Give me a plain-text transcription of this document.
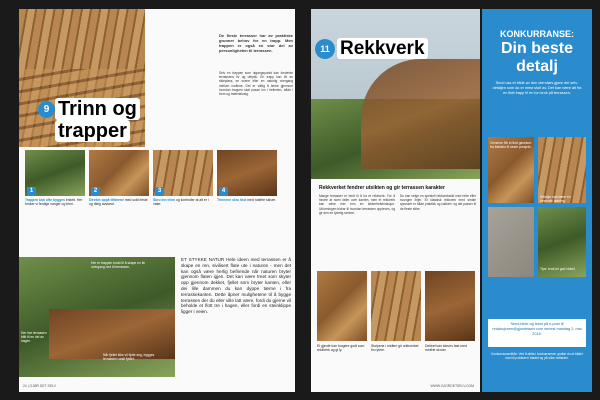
9 Trinn og
trapper
De fleste terrasser har av praktiske grunner behov for en trapp. Men trappen er også en stor del av personligheten til terrassen.
Selv en trappen som utgangspunkt kan forsterke terrassens liv og uttrykk. En trapp kan bli en sitteplass, en scene eller en naturlig overgang mellom nivåene. Det er viktig å tenke gjennom hvordan trappen skal passe inn i helheten, både i form og materialvalg.
1	2	3	4
Trappen kan ofte bygges enkelt. Her bruker vi ferdige vanger og trinn.
Direkte oppå tilførene med solid feste og riktig avstand.
Skru inn trinn og kontroller at alt er i vater.
Trinnene skru fast med rustfrie skruer.
Her er trappen brukt til å skape en fin overgang ned til terrassen.
Her har terrassen blitt til en del av hagen.
Når fjellet ikke vil flytte seg, bygges terrassen rundt fjellet.
ET STYKKE NATUR Hele ideen med terrassen er å skape en ren, sivilisert flate ute i naturen - men det kan også være herlig befriende når naturen bryter gjennom flaten igjen. Det kan være treet som skyter opp gjennom dekket, fjellet som bryter kanten, eller dei lille dammen du kan dyppe tærne i fra terrassekanten. Dette åpner mulighetene til å bygge terrassen der du eller ville latt være, fordi du gjerne vil beholde et flott tre i hagen, eller fordi en steinklippe ligger i veien.
24 | GJØR DET SELV
11 Rekkverk
Rekkverket fendrer utsikten og gir terrassen karakter
Mange terrasser er bedt til å ha et rekkverk. For å hindre at noen faller over kanten, men et rekkverk kan være mer enn en sikkerhetsfunksjon. Utformingen bidrar til hvordan terrassen oppleves, og gir den en tydelig ramme.
Du kan velge en spesiell rekkverksstil med rette eller svungne linjer. Et klassisk rekkverk med smale sprosser er både praktisk og vakkert, og det passer til de fleste stiler.
Et gjerde kan fungere godt som rekkverk og gi ly.
Stolpene i midten gir rekkverket fin rytme.
Dekket kan skrues fast med rustfrie skruer.
WWW.GJORDETSELV.COM
KONKURRANSE:
Din beste
detalj
Send oss et bilde av den utendørs gjøre det selv-detaljen som du er mest stolt av. Det kan være alt fra en flott trapp til en lun krok på terrassen.
Vinneren får et flott gavekort fra Metabo til neste prosjekt.
Detaljer kan være en innovativ løsning.
Tips: bruk en god vinkel.
Send bilde og tekst på e-post til redaksjonen@gjordetselv.com senest mandag 2. mai 2016.
Konkurransevilkår: Ved å delta i konkurransen godtar du at bildet kan bli publisert i bladet og på våre nettsider.
